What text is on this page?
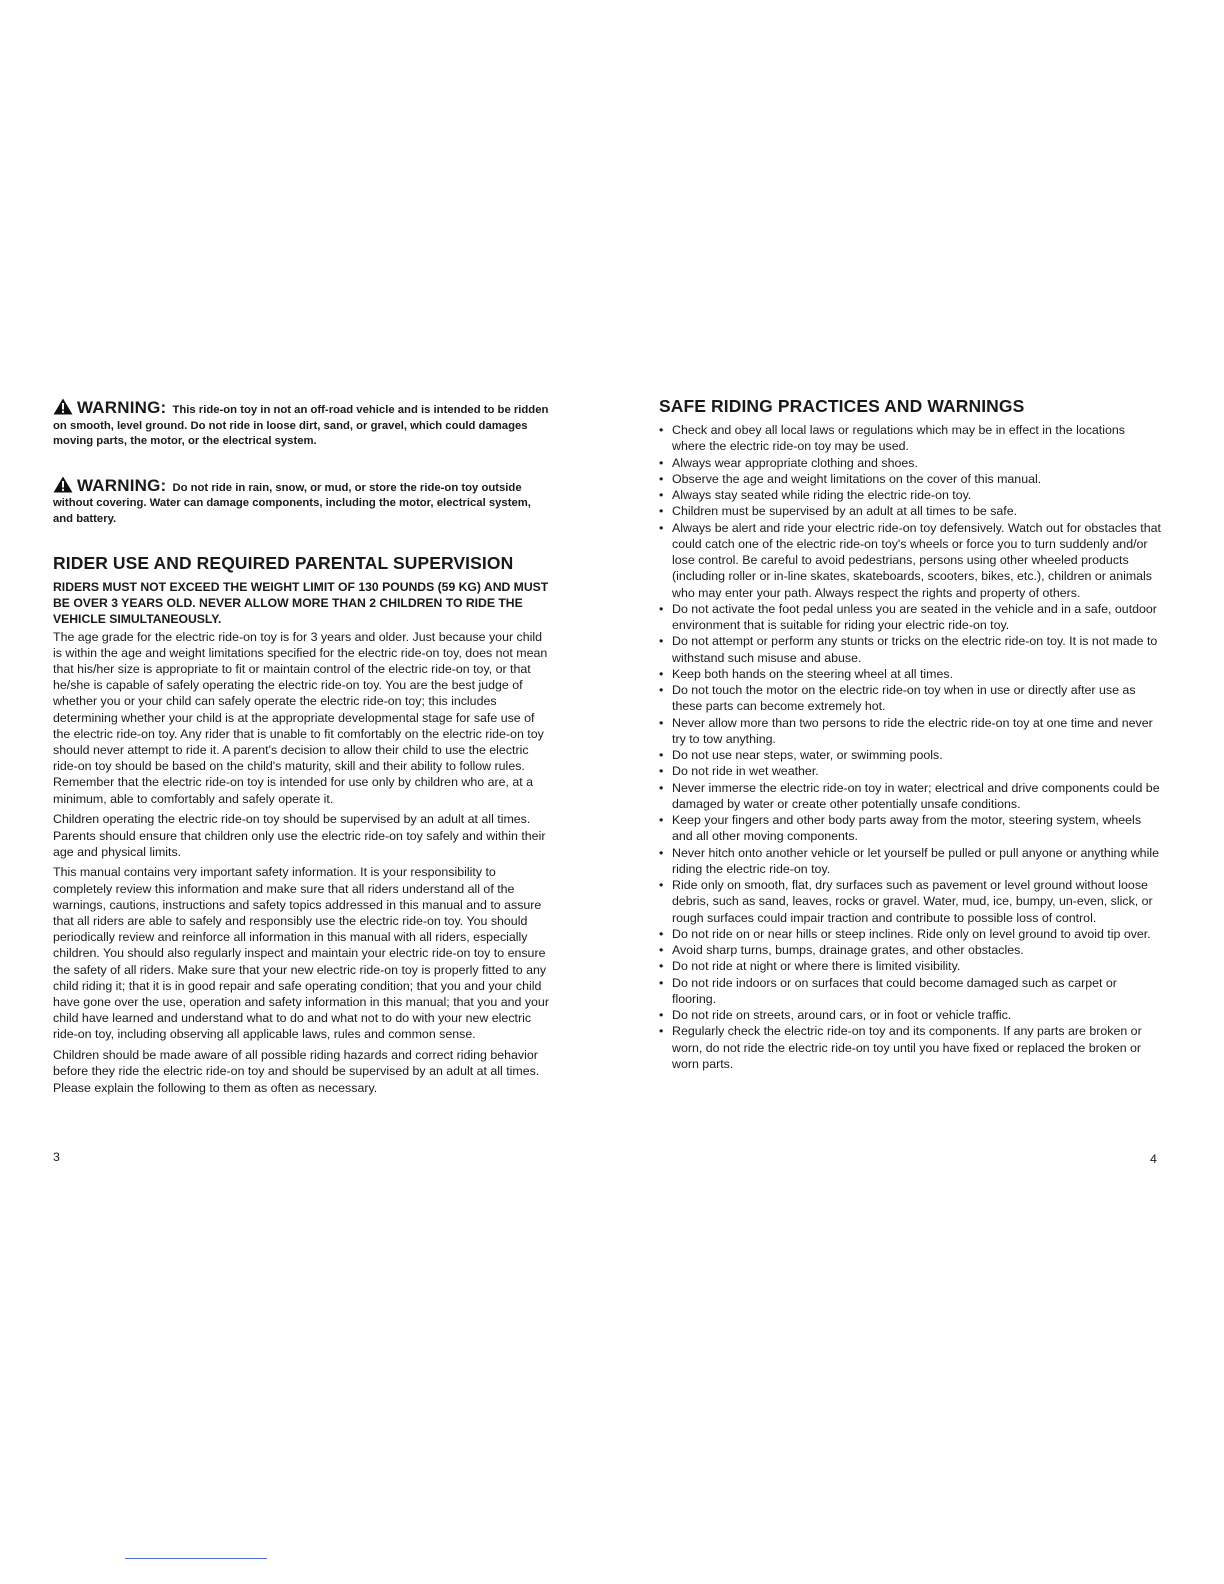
WARNING: This ride-on toy in not an off-road vehicle and is intended to be ridden on smooth, level ground. Do not ride in loose dirt, sand, or gravel, which could damages moving parts, the motor, or the electrical system.
WARNING: Do not ride in rain, snow, or mud, or store the ride-on toy outside without covering. Water can damage components, including the motor, electrical system, and battery.
RIDER USE AND REQUIRED PARENTAL SUPERVISION
RIDERS MUST NOT EXCEED THE WEIGHT LIMIT OF 130 POUNDS (59 KG) AND MUST BE OVER 3 YEARS OLD. NEVER ALLOW MORE THAN 2 CHILDREN TO RIDE THE VEHICLE SIMULTANEOUSLY.

The age grade for the electric ride-on toy is for 3 years and older. Just because your child is within the age and weight limitations specified for the electric ride-on toy, does not mean that his/her size is appropriate to fit or maintain control of the electric ride-on toy, or that he/she is capable of safely operating the electric ride-on toy. You are the best judge of whether you or your child can safely operate the electric ride-on toy; this includes determining whether your child is at the appropriate developmental stage for safe use of the electric ride-on toy. Any rider that is unable to fit comfortably on the electric ride-on toy should never attempt to ride it. A parent's decision to allow their child to use the electric ride-on toy should be based on the child's maturity, skill and their ability to follow rules. Remember that the electric ride-on toy is intended for use only by children who are, at a minimum, able to comfortably and safely operate it.

Children operating the electric ride-on toy should be supervised by an adult at all times. Parents should ensure that children only use the electric ride-on toy safely and within their age and physical limits.

This manual contains very important safety information. It is your responsibility to completely review this information and make sure that all riders understand all of the warnings, cautions, instructions and safety topics addressed in this manual and to assure that all riders are able to safely and responsibly use the electric ride-on toy. You should periodically review and reinforce all information in this manual with all riders, especially children. You should also regularly inspect and maintain your electric ride-on toy to ensure the safety of all riders. Make sure that your new electric ride-on toy is properly fitted to any child riding it; that it is in good repair and safe operating condition; that you and your child have gone over the use, operation and safety information in this manual; that you and your child have learned and understand what to do and what not to do with your new electric ride-on toy, including observing all applicable laws, rules and common sense.

Children should be made aware of all possible riding hazards and correct riding behavior before they ride the electric ride-on toy and should be supervised by an adult at all times. Please explain the following to them as often as necessary.

SAFE RIDING PRACTICES AND WARNINGS
• Check and obey all local laws or regulations which may be in effect in the locations where the electric ride-on toy may be used.
• Always wear appropriate clothing and shoes.
• Observe the age and weight limitations on the cover of this manual.
• Always stay seated while riding the electric ride-on toy.
• Children must be supervised by an adult at all times to be safe.
• Always be alert and ride your electric ride-on toy defensively. Watch out for obstacles that could catch one of the electric ride-on toy's wheels or force you to turn suddenly and/or lose control. Be careful to avoid pedestrians, persons using other wheeled products (including roller or in-line skates, skateboards, scooters, bikes, etc.), children or animals who may enter your path. Always respect the rights and property of others.
• Do not activate the foot pedal unless you are seated in the vehicle and in a safe, outdoor environment that is suitable for riding your electric ride-on toy.
• Do not attempt or perform any stunts or tricks on the electric ride-on toy. It is not made to withstand such misuse and abuse.
• Keep both hands on the steering wheel at all times.
• Do not touch the motor on the electric ride-on toy when in use or directly after use as these parts can become extremely hot.
• Never allow more than two persons to ride the electric ride-on toy at one time and never try to tow anything.
• Do not use near steps, water, or swimming pools.
• Do not ride in wet weather.
• Never immerse the electric ride-on toy in water; electrical and drive components could be damaged by water or create other potentially unsafe conditions.
• Keep your fingers and other body parts away from the motor, steering system, wheels and all other moving components.
• Never hitch onto another vehicle or let yourself be pulled or pull anyone or anything while riding the electric ride-on toy.
• Ride only on smooth, flat, dry surfaces such as pavement or level ground without loose debris, such as sand, leaves, rocks or gravel. Water, mud, ice, bumpy, un-even, slick, or rough surfaces could impair traction and contribute to possible loss of control.
• Do not ride on or near hills or steep inclines. Ride only on level ground to avoid tip over.
• Avoid sharp turns, bumps, drainage grates, and other obstacles.
• Do not ride at night or where there is limited visibility.
• Do not ride indoors or on surfaces that could become damaged such as carpet or flooring.
• Do not ride on streets, around cars, or in foot or vehicle traffic.
• Regularly check the electric ride-on toy and its components. If any parts are broken or worn, do not ride the electric ride-on toy until you have fixed or replaced the broken or worn parts.
3	4
